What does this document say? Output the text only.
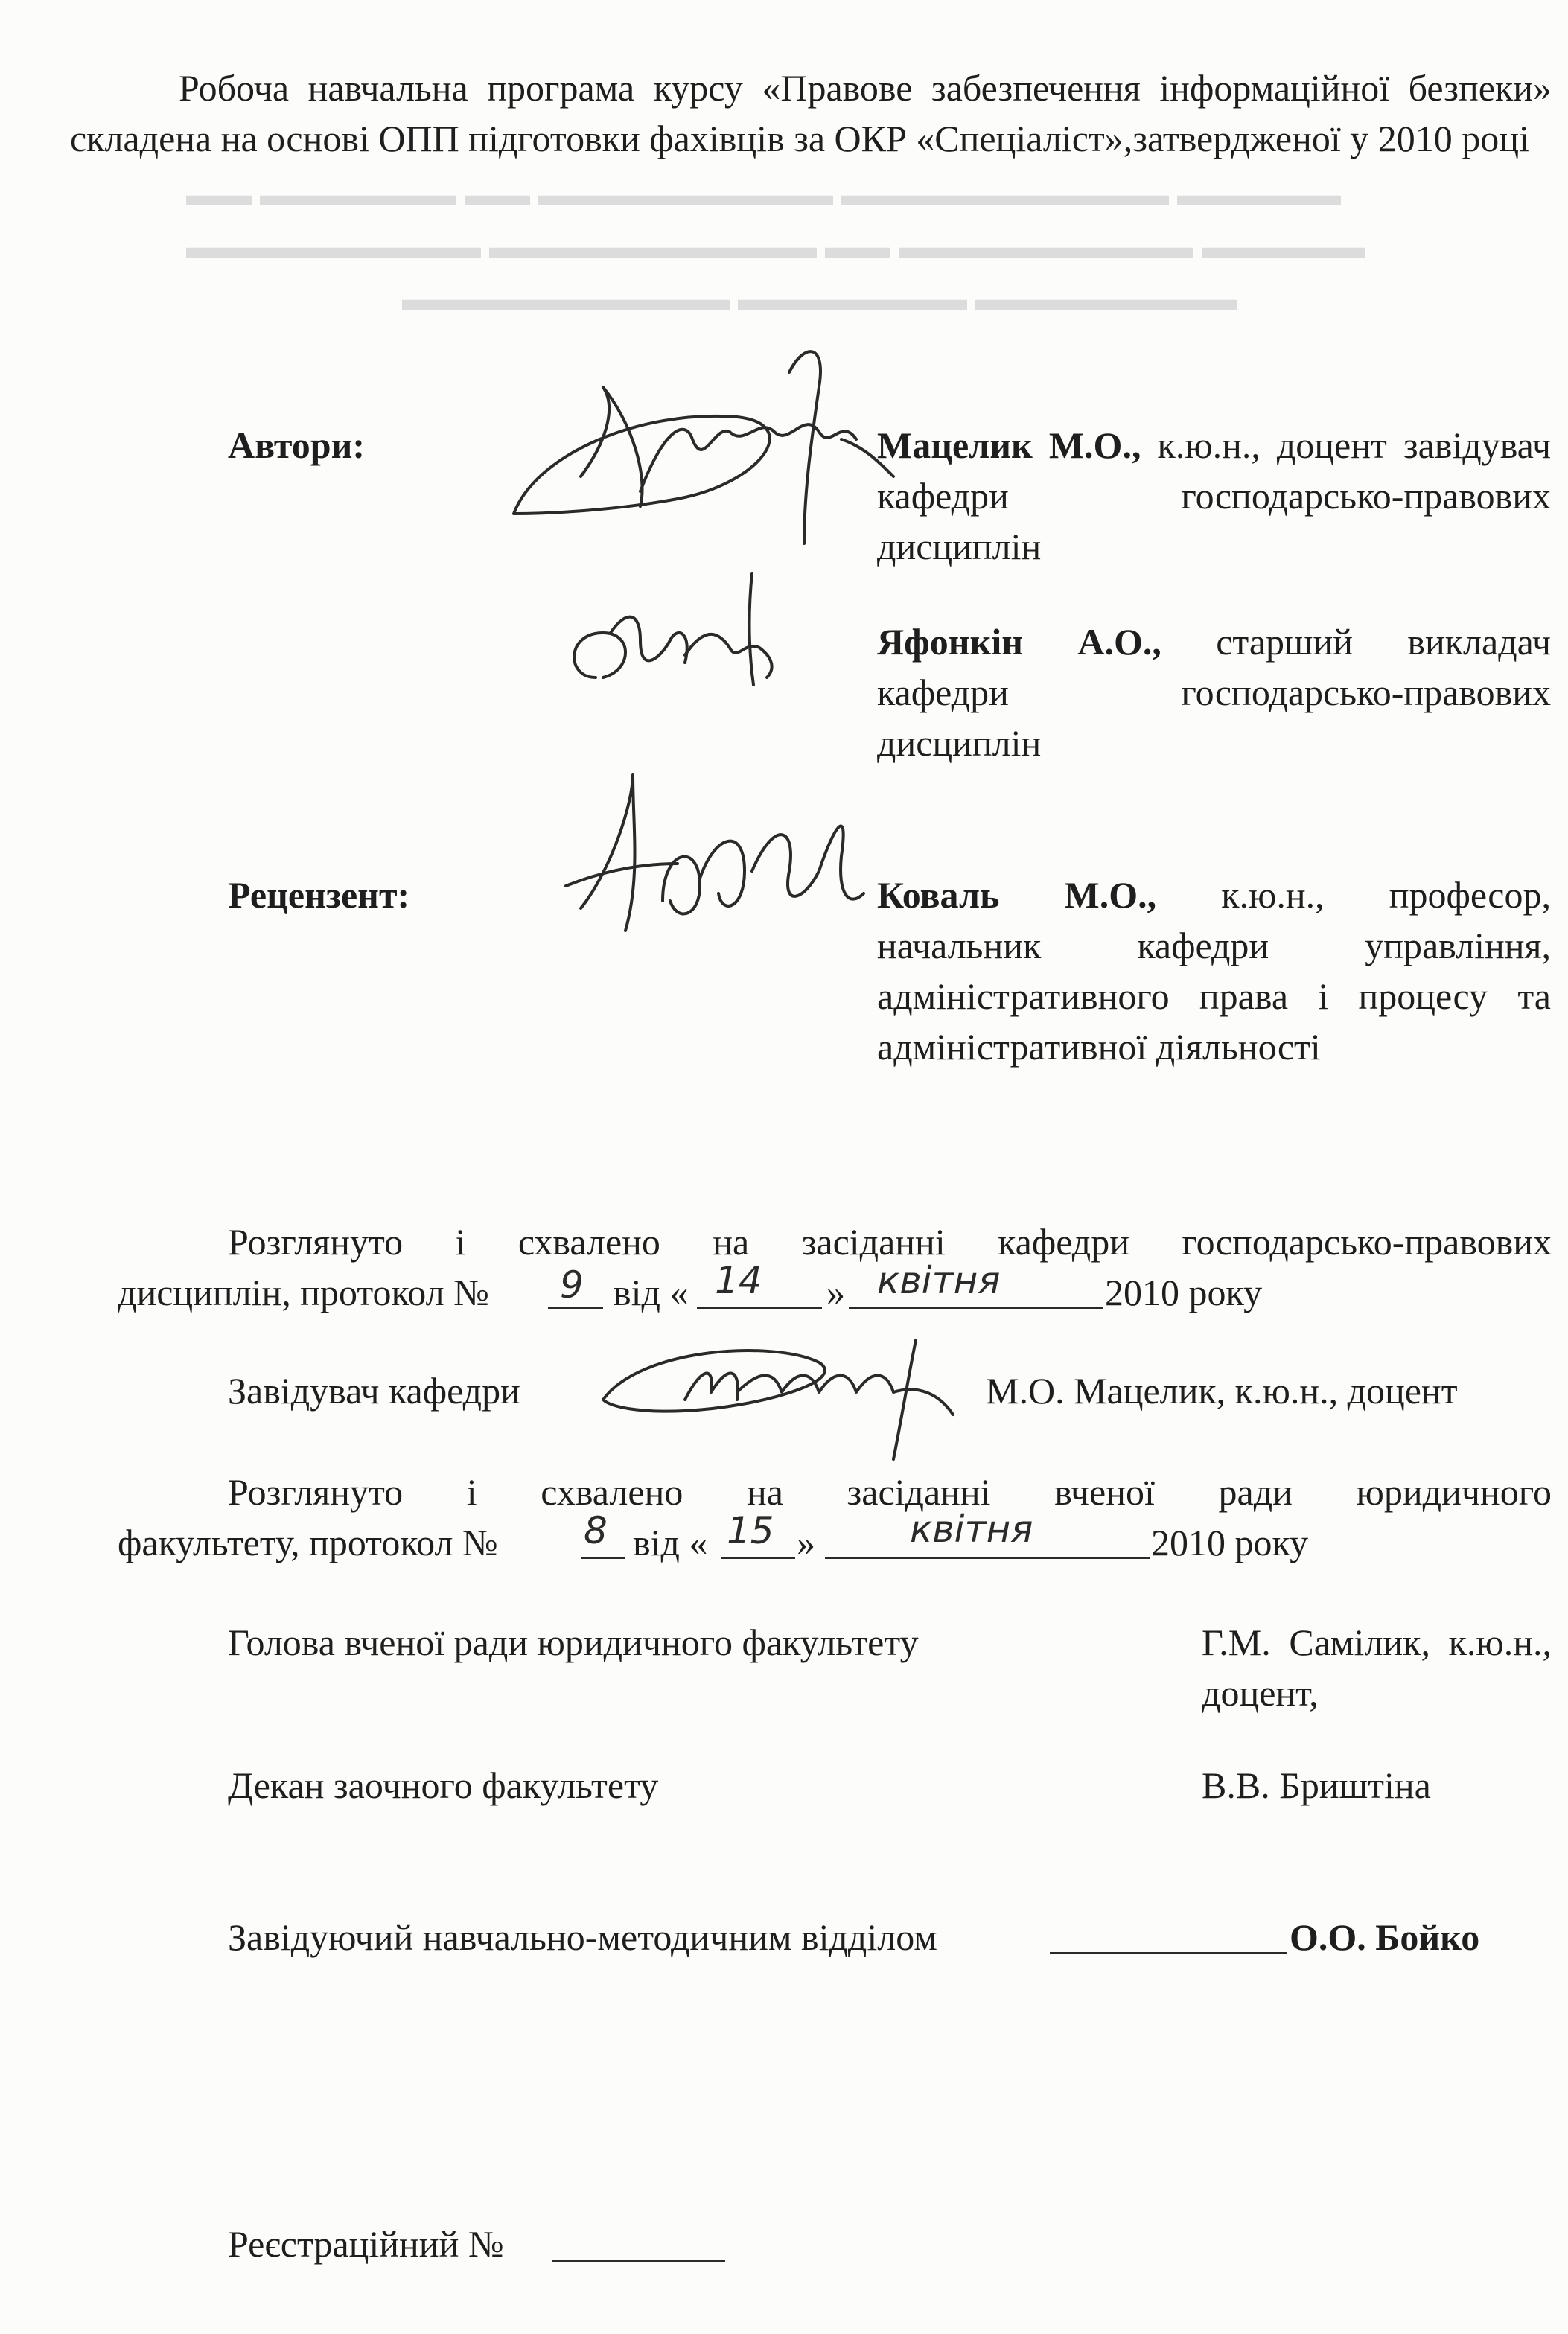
▬▬ ▬▬▬▬▬▬ ▬▬ ▬▬▬▬▬▬▬▬▬ ▬▬▬▬▬▬▬▬▬▬ ▬▬▬▬▬
▬▬▬▬▬▬▬▬▬ ▬▬▬▬▬▬▬▬▬▬ ▬▬ ▬▬▬▬▬▬▬▬▬ ▬▬▬▬▬
▬▬▬▬▬▬▬▬▬▬ ▬▬▬▬▬▬▬ ▬▬▬▬▬▬▬▬
Робоча навчальна програма курсу «Правове забезпечення інформаційної безпеки» складена на основі ОПП підготовки фахівців за ОКР «Спеціаліст»,затвердженої у 2010 році
Автори:	Мацелик М.О., к.ю.н., доцент завідувач кафедри господарсько-правових дисциплін
Яфонкін А.О., старший викладач кафедри господарсько-правових дисциплін
Рецензент:	Коваль М.О., к.ю.н., професор, начальник кафедри управління, адміністративного права і процесу та адміністративної діяльності
Розглянуто і схвалено на засіданні кафедри господарсько-правових
дисциплін, протокол № 9 від « 14 » квітня	2010 року
Завідувач кафедри	М.О. Мацелик, к.ю.н., доцент
Розглянуто і схвалено на засіданні вченої ради юридичного
факультету, протокол № 8 від « 15 »	квітня	2010 року
Голова вченої ради юридичного факультету	Г.М. Самілик, к.ю.н., доцент,
Декан заочного факультету	В.В. Бриштіна
Завідуючий навчально-методичним відділом	О.О. Бойко
Реєстраційний №
